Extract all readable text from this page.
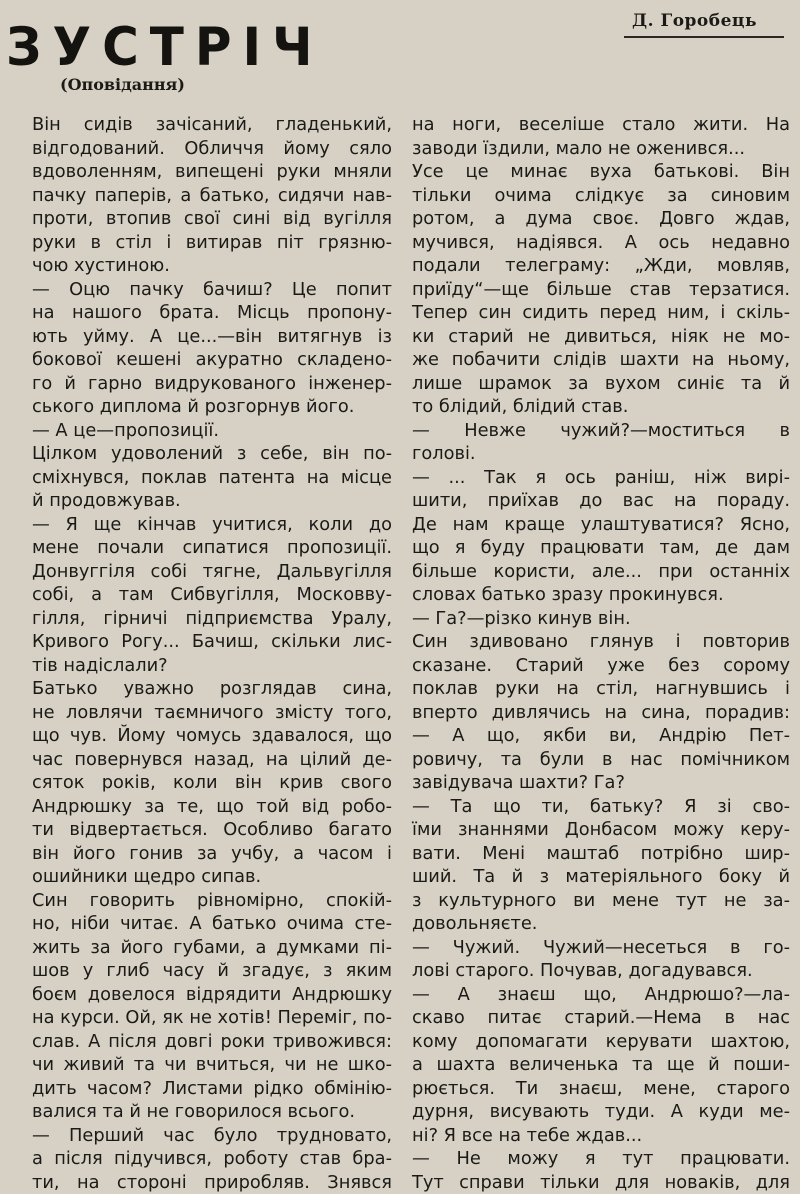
ЗУСТРІЧ
(Оповідання)
Д. Горобець

Він сидів зачісаний, гладенький,

відгодований. Обличчя йому сяло

вдоволенням, випещені руки мняли

пачку паперів, а батько, сидячи нав-

проти, втопив свої сині від вугілля

руки в стіл і витирав піт грязню-

чою хустиною.

— Оцю пачку бачиш? Це попит

на нашого брата. Місць пропону-

ють уйму. А це...—він витягнув із

бокової кешені акуратно складено-

го й гарно видрукованого інженер-

ського диплома й розгорнув його.

— А це—пропозиції.

Цілком удоволений з себе, він по-

сміхнувся, поклав патента на місце

й продовжував.

— Я ще кінчав учитися, коли до

мене почали сипатися пропозиції.

Донвуггіля собі тягне, Дальвугілля

собі, а там Сибвугілля, Московву-

гілля, гірничі підприємства Уралу,

Кривого Рогу... Бачиш, скільки лис-

тів надіслали?

Батько уважно розглядав сина,

не ловлячи таємничого змісту того,

що чув. Йому чомусь здавалося, що

час повернувся назад, на цілий де-

сяток років, коли він крив свого

Андрюшку за те, що той від робо-

ти відвертається. Особливо багато

він його гонив за учбу, а часом і

ошийники щедро сипав.

Син говорить рівномірно, спокій-

но, ніби читає. А батько очима сте-

жить за його губами, а думками пі-

шов у глиб часу й згадує, з яким

боєм довелося відрядити Андрюшку

на курси. Ой, як не хотів! Переміг, по-

слав. А після довгі роки тривожився:

чи живий та чи вчиться, чи не шко-

дить часом? Листами рідко обмінію-

валися та й не говорилося всього.

— Перший час було трудновато,

а після підучився, роботу став бра-

ти, на стороні приробляв. Знявся

на ноги, веселіше стало жити. На

заводи їздили, мало не оженився...

Усе це минає вуха батькові. Він

тільки очима слідкує за синовим

ротом, а дума своє. Довго ждав,

мучився, надіявся. А ось недавно

подали телеграму: „Жди, мовляв,

приїду“—ще більше став терзатися.

Тепер син сидить перед ним, і скіль-

ки старий не дивиться, ніяк не мо-

же побачити слідів шахти на ньому,

лише шрамок за вухом синіє та й

то блідий, блідий став.

— Невже чужий?—моститься в

голові.

— ... Так я ось раніш, ніж вирі-

шити, приїхав до вас на пораду.

Де нам краще улаштуватися? Ясно,

що я буду працювати там, де дам

більше користи, але... при останніх

словах батько зразу прокинувся.

— Га?—різко кинув він.

Син здивовано глянув і повторив

сказане. Старий уже без сорому

поклав руки на стіл, нагнувшись і

вперто дивлячись на сина, порадив:

— А що, якби ви, Андрію Пет-

ровичу, та були в нас помічником

завідувача шахти? Га?

— Та що ти, батьку? Я зі сво-

їми знаннями Донбасом можу керу-

вати. Мені маштаб потрібно шир-

ший. Та й з матеріяльного боку й

з культурного ви мене тут не за-

довольняєте.

— Чужий. Чужий—несеться в го-

лові старого. Почував, догадувався.

— А знаєш що, Андрюшо?—ла-

скаво питає старий.—Нема в нас

кому допомагати керувати шахтою,

а шахта величенька та ще й поши-

рюється. Ти знаєш, мене, старого

дурня, висувають туди. А куди ме-

ні? Я все на тебе ждав...

— Не можу я тут працювати.

Тут справи тільки для новаків, для
